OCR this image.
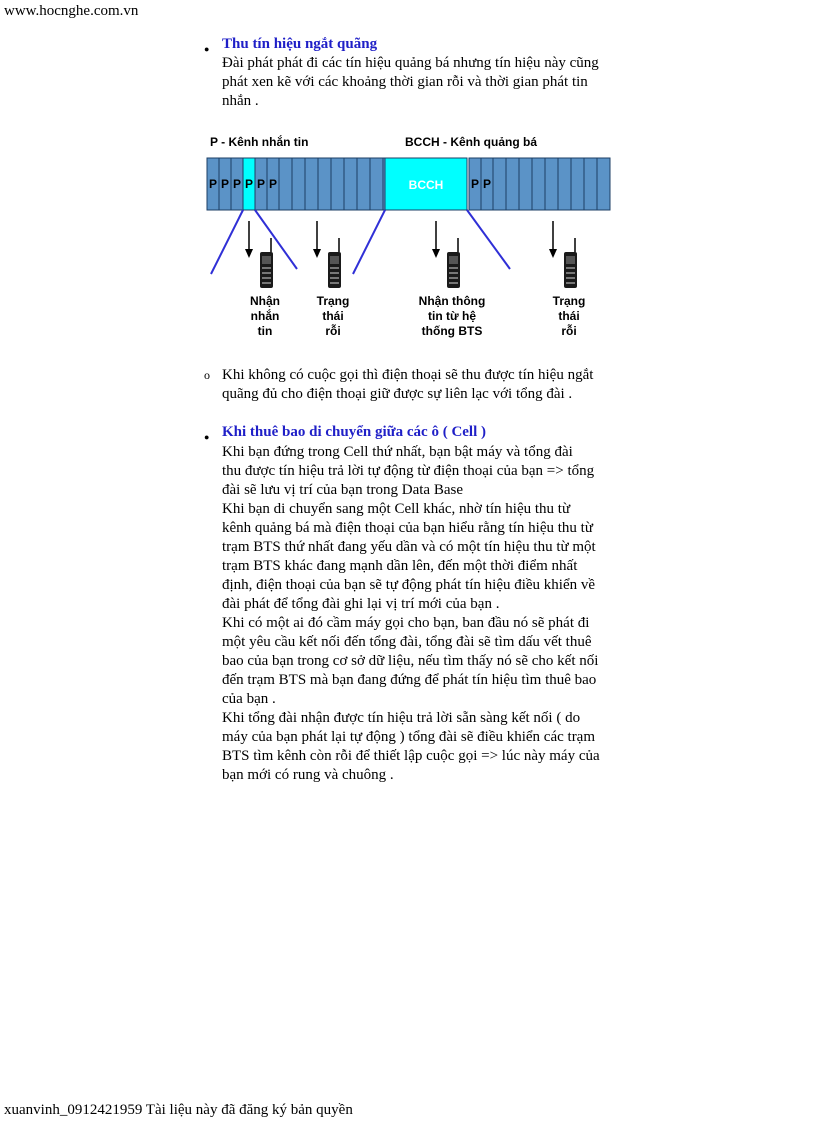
www.hocnghe.com.vn
● Thu tín hiệu ngắt quãng
Đài phát phát đi các tín hiệu quảng bá nhưng tín hiệu này cũng
phát xen kẽ với các khoảng thời gian rỗi và thời gian phát tin
nhắn .
P - Kênh nhắn tin	BCCH - Kênh quảng bá
P P P P P P	BCCH P P
Nhận
nhắn
tin
Trạng
thái
rỗi
Nhận thông
tin từ hệ
thống BTS
Trạng
thái
rỗi
o Khi không có cuộc gọi thì điện thoại sẽ thu được tín hiệu ngắt
quãng đủ cho điện thoại giữ được sự liên lạc với tổng đài .
● Khi thuê bao di chuyển giữa các ô ( Cell )
Khi bạn đứng trong Cell thứ nhất, bạn bật máy và tổng đài
thu được tín hiệu trả lời tự động từ điện thoại của bạn => tổng
đài sẽ lưu vị trí của bạn trong Data Base
Khi bạn di chuyển sang một Cell khác, nhờ tín hiệu thu từ
kênh quảng bá mà điện thoại của bạn hiểu rằng tín hiệu thu từ
trạm BTS thứ nhất đang yếu dần và có một tín hiệu thu từ một
trạm BTS khác đang mạnh dần lên, đến một thời điểm nhất
định, điện thoại của bạn sẽ tự động phát tín hiệu điều khiển về
đài phát để tổng đài ghi lại vị trí mới của bạn .
Khi có một ai đó cầm máy gọi cho bạn, ban đầu nó sẽ phát đi
một yêu cầu kết nối đến tổng đài, tổng đài sẽ tìm dấu vết thuê
bao của bạn trong cơ sở dữ liệu, nếu tìm thấy nó sẽ cho kết nối
đến trạm BTS mà bạn đang đứng để phát tín hiệu tìm thuê bao
của bạn .
Khi tổng đài nhận được tín hiệu trả lời sẵn sàng kết nối ( do
máy của bạn phát lại tự động ) tổng đài sẽ điều khiển các trạm
BTS tìm kênh còn rỗi để thiết lập cuộc gọi => lúc này máy của
bạn mới có rung và chuông .
xuanvinh_0912421959 Tài liệu này đã đăng ký bản quyền
